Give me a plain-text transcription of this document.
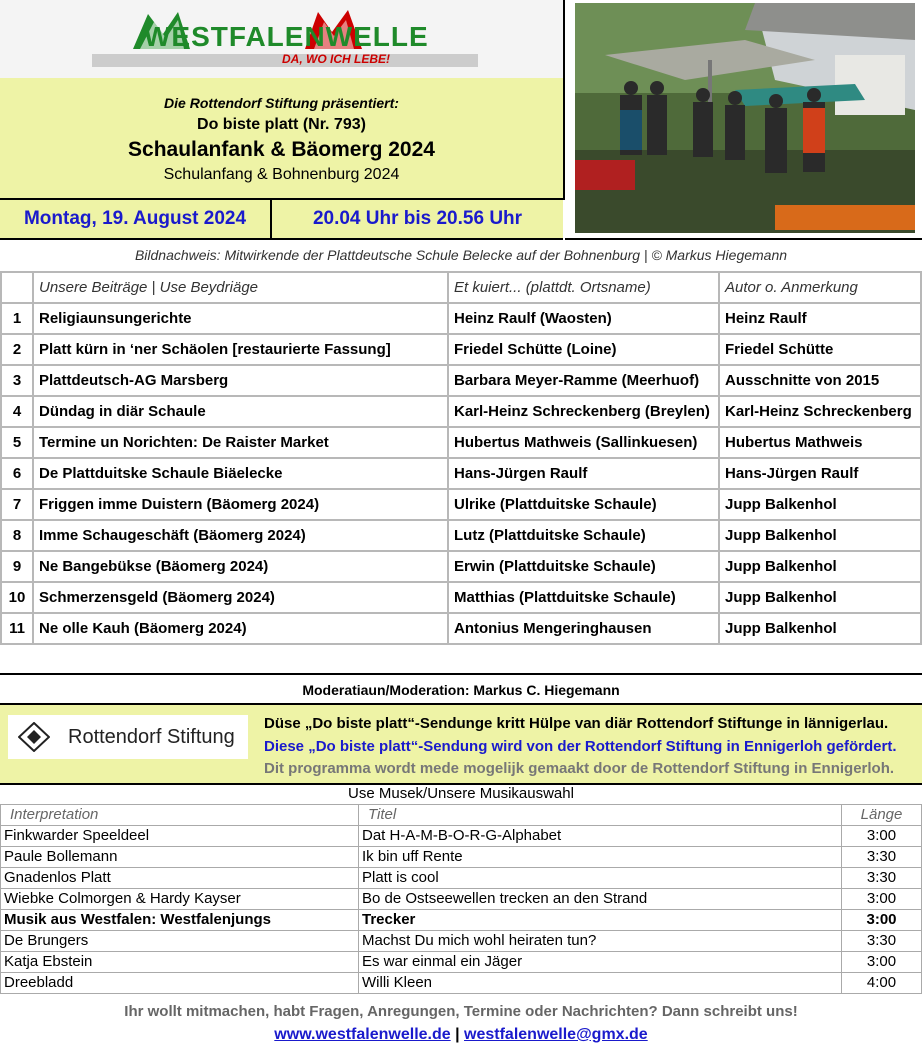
WESTFALENWELLE
DA, WO ICH LEBE!
Die Rottendorf Stiftung präsentiert:
Do biste platt (Nr. 793)
Schaulanfank & Bäomerg 2024
Schulanfang & Bohnenburg 2024
Montag, 19. August 2024	20.04 Uhr bis 20.56 Uhr
Bildnachweis: Mitwirkende der Plattdeutsche Schule Belecke auf der Bohnenburg | © Markus Hiegemann
	Unsere Beiträge | Use Beydriäge	Et kuiert... (plattdt. Ortsname)	Autor o. Anmerkung
1	Religiaunsungerichte	Heinz Raulf (Waosten)	Heinz Raulf
2	Platt kürn in ‘ner Schäolen [restaurierte Fassung]	Friedel Schütte (Loine)	Friedel Schütte
3	Plattdeutsch-AG Marsberg	Barbara Meyer-Ramme (Meerhuof)	Ausschnitte von 2015
4	Dündag in diär Schaule	Karl-Heinz Schreckenberg (Breylen)	Karl-Heinz Schreckenberg
5	Termine un Norichten: De Raister Market	Hubertus Mathweis (Sallinkuesen)	Hubertus Mathweis
6	De Plattduitske Schaule Biäelecke	Hans-Jürgen Raulf	Hans-Jürgen Raulf
7	Friggen imme Duistern (Bäomerg 2024)	Ulrike (Plattduitske Schaule)	Jupp Balkenhol
8	Imme Schaugeschäft (Bäomerg 2024)	Lutz (Plattduitske Schaule)	Jupp Balkenhol
9	Ne Bangebükse (Bäomerg 2024)	Erwin (Plattduitske Schaule)	Jupp Balkenhol
10	Schmerzensgeld (Bäomerg 2024)	Matthias (Plattduitske Schaule)	Jupp Balkenhol
11	Ne olle Kauh (Bäomerg 2024)	Antonius Mengeringhausen	Jupp Balkenhol
Moderatiaun/Moderation: Markus C. Hiegemann
Rottendorf Stiftung
Düse „Do biste platt“-Sendunge kritt Hülpe van diär Rottendorf Stiftunge in lännigerlau.
Diese „Do biste platt“-Sendung wird von der Rottendorf Stiftung in Ennigerloh gefördert.
Dit programma wordt mede mogelijk gemaakt door de Rottendorf Stiftung in Ennigerloh.
Use Musek/Unsere Musikauswahl
Interpretation	Titel	Länge
Finkwarder Speeldeel	Dat H-A-M-B-O-R-G-Alphabet	3:00
Paule Bollemann	Ik bin uff Rente	3:30
Gnadenlos Platt	Platt is cool	3:30
Wiebke Colmorgen & Hardy Kayser	Bo de Ostseewellen trecken an den Strand	3:00
Musik aus Westfalen: Westfalenjungs	Trecker	3:00
De Brungers	Machst Du mich wohl heiraten tun?	3:30
Katja Ebstein	Es war einmal ein Jäger	3:00
Dreebladd	Willi Kleen	4:00
Ihr wollt mitmachen, habt Fragen, Anregungen, Termine oder Nachrichten? Dann schreibt uns!
www.westfalenwelle.de | westfalenwelle@gmx.de
